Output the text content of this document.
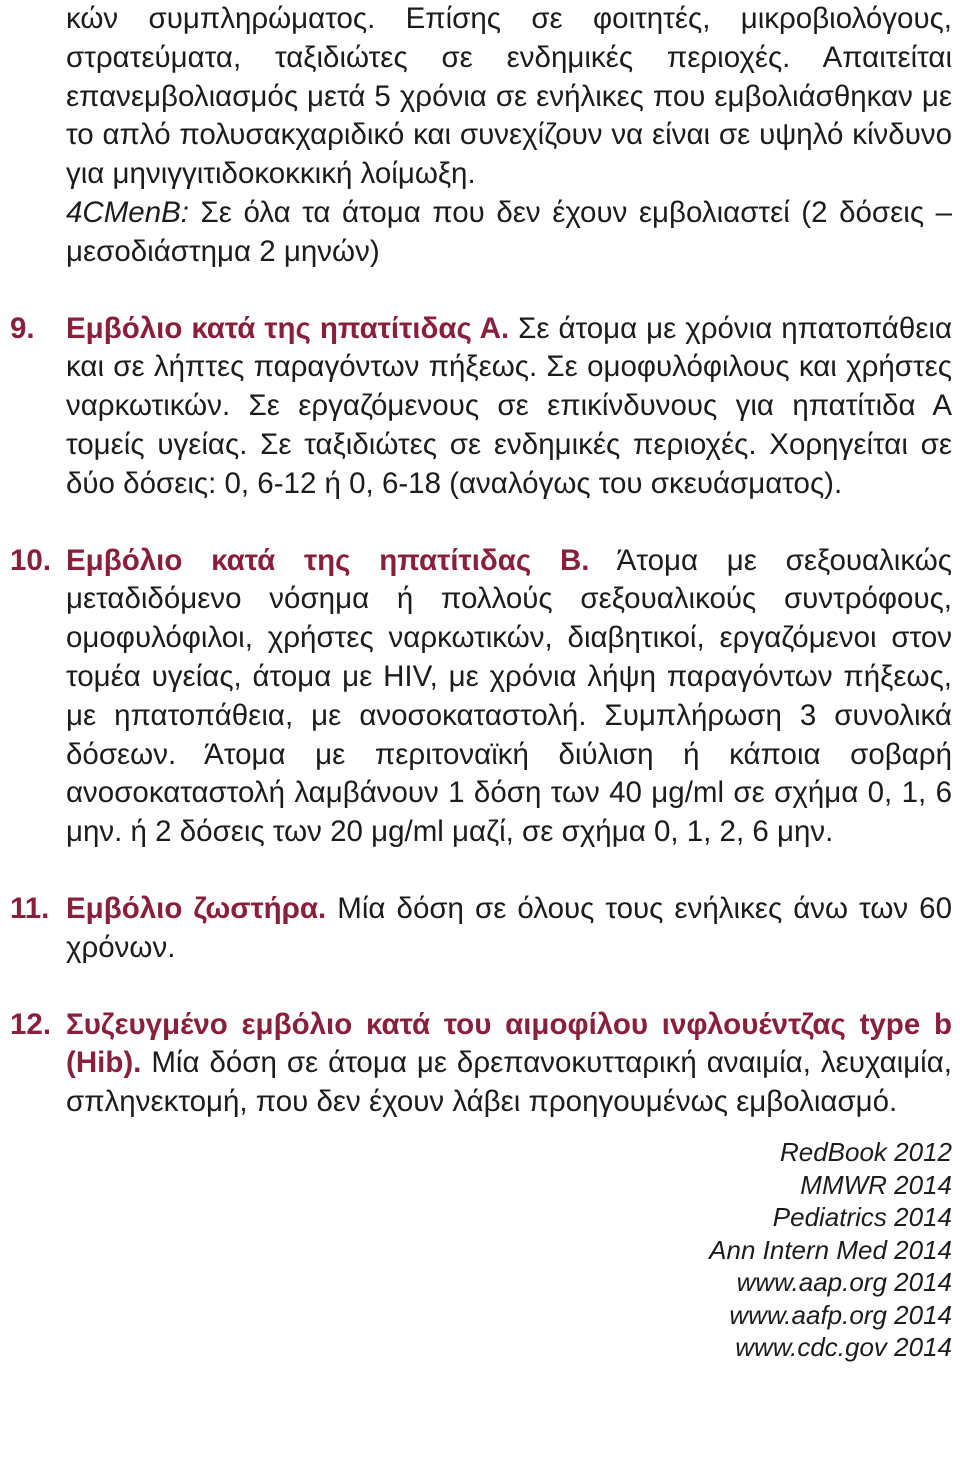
κών συμπληρώματος. Επίσης σε φοιτητές, μικροβιολόγους, στρατεύματα, ταξιδιώτες σε ενδημικές περιοχές. Απαιτείται επανεμβολιασμός μετά 5 χρόνια σε ενήλικες που εμβολιάσθηκαν με το απλό πολυσακχαριδικό και συνεχίζουν να είναι σε υψηλό κίνδυνο για μηνιγγιτιδοκοκκική λοίμωξη.

4CMenB: Σε όλα τα άτομα που δεν έχουν εμβολιαστεί (2 δόσεις –μεσοδιάστημα 2 μηνών)

9.	Εμβόλιο κατά της ηπατίτιδας Α. Σε άτομα με χρόνια ηπατοπάθεια και σε λήπτες παραγόντων πήξεως. Σε ομοφυλόφιλους και χρήστες ναρκωτικών. Σε εργαζόμενους σε επικίνδυνους για ηπατίτιδα Α τομείς υγείας. Σε ταξιδιώτες σε ενδημικές περιοχές. Χορηγείται σε δύο δόσεις: 0, 6-12 ή 0, 6-18 (αναλόγως του σκευάσματος).

10. Εμβόλιο κατά της ηπατίτιδας Β. Άτομα με σεξουαλικώς μεταδιδόμενο νόσημα ή πολλούς σεξουαλικούς συντρόφους, ομοφυλόφιλοι, χρήστες ναρκωτικών, διαβητικοί, εργαζόμενοι στον τομέα υγείας, άτομα με HIV, με χρόνια λήψη παραγόντων πήξεως, με ηπατοπάθεια, με ανοσοκαταστολή. Συμπλήρωση 3 συνολικά δόσεων. Άτομα με περιτοναϊκή διύλιση ή κάποια σοβαρή ανοσοκαταστολή λαμβάνουν 1 δόση των 40 μg/ml σε σχήμα 0, 1, 6 μην. ή 2 δόσεις των 20 μg/ml μαζί, σε σχήμα 0, 1, 2, 6 μην.

11. Εμβόλιο ζωστήρα. Μία δόση σε όλους τους ενήλικες άνω των 60 χρόνων.

12. Συζευγμένο εμβόλιο κατά του αιμοφίλου ινφλουέντζας type b (Hib). Μία δόση σε άτομα με δρεπανοκυτταρική αναιμία, λευχαιμία, σπληνεκτομή, που δεν έχουν λάβει προηγουμένως εμβολιασμό.

RedBook 2012
MMWR 2014
Pediatrics 2014
Ann Intern Med 2014
www.aap.org 2014
www.aafp.org 2014
www.cdc.gov 2014
